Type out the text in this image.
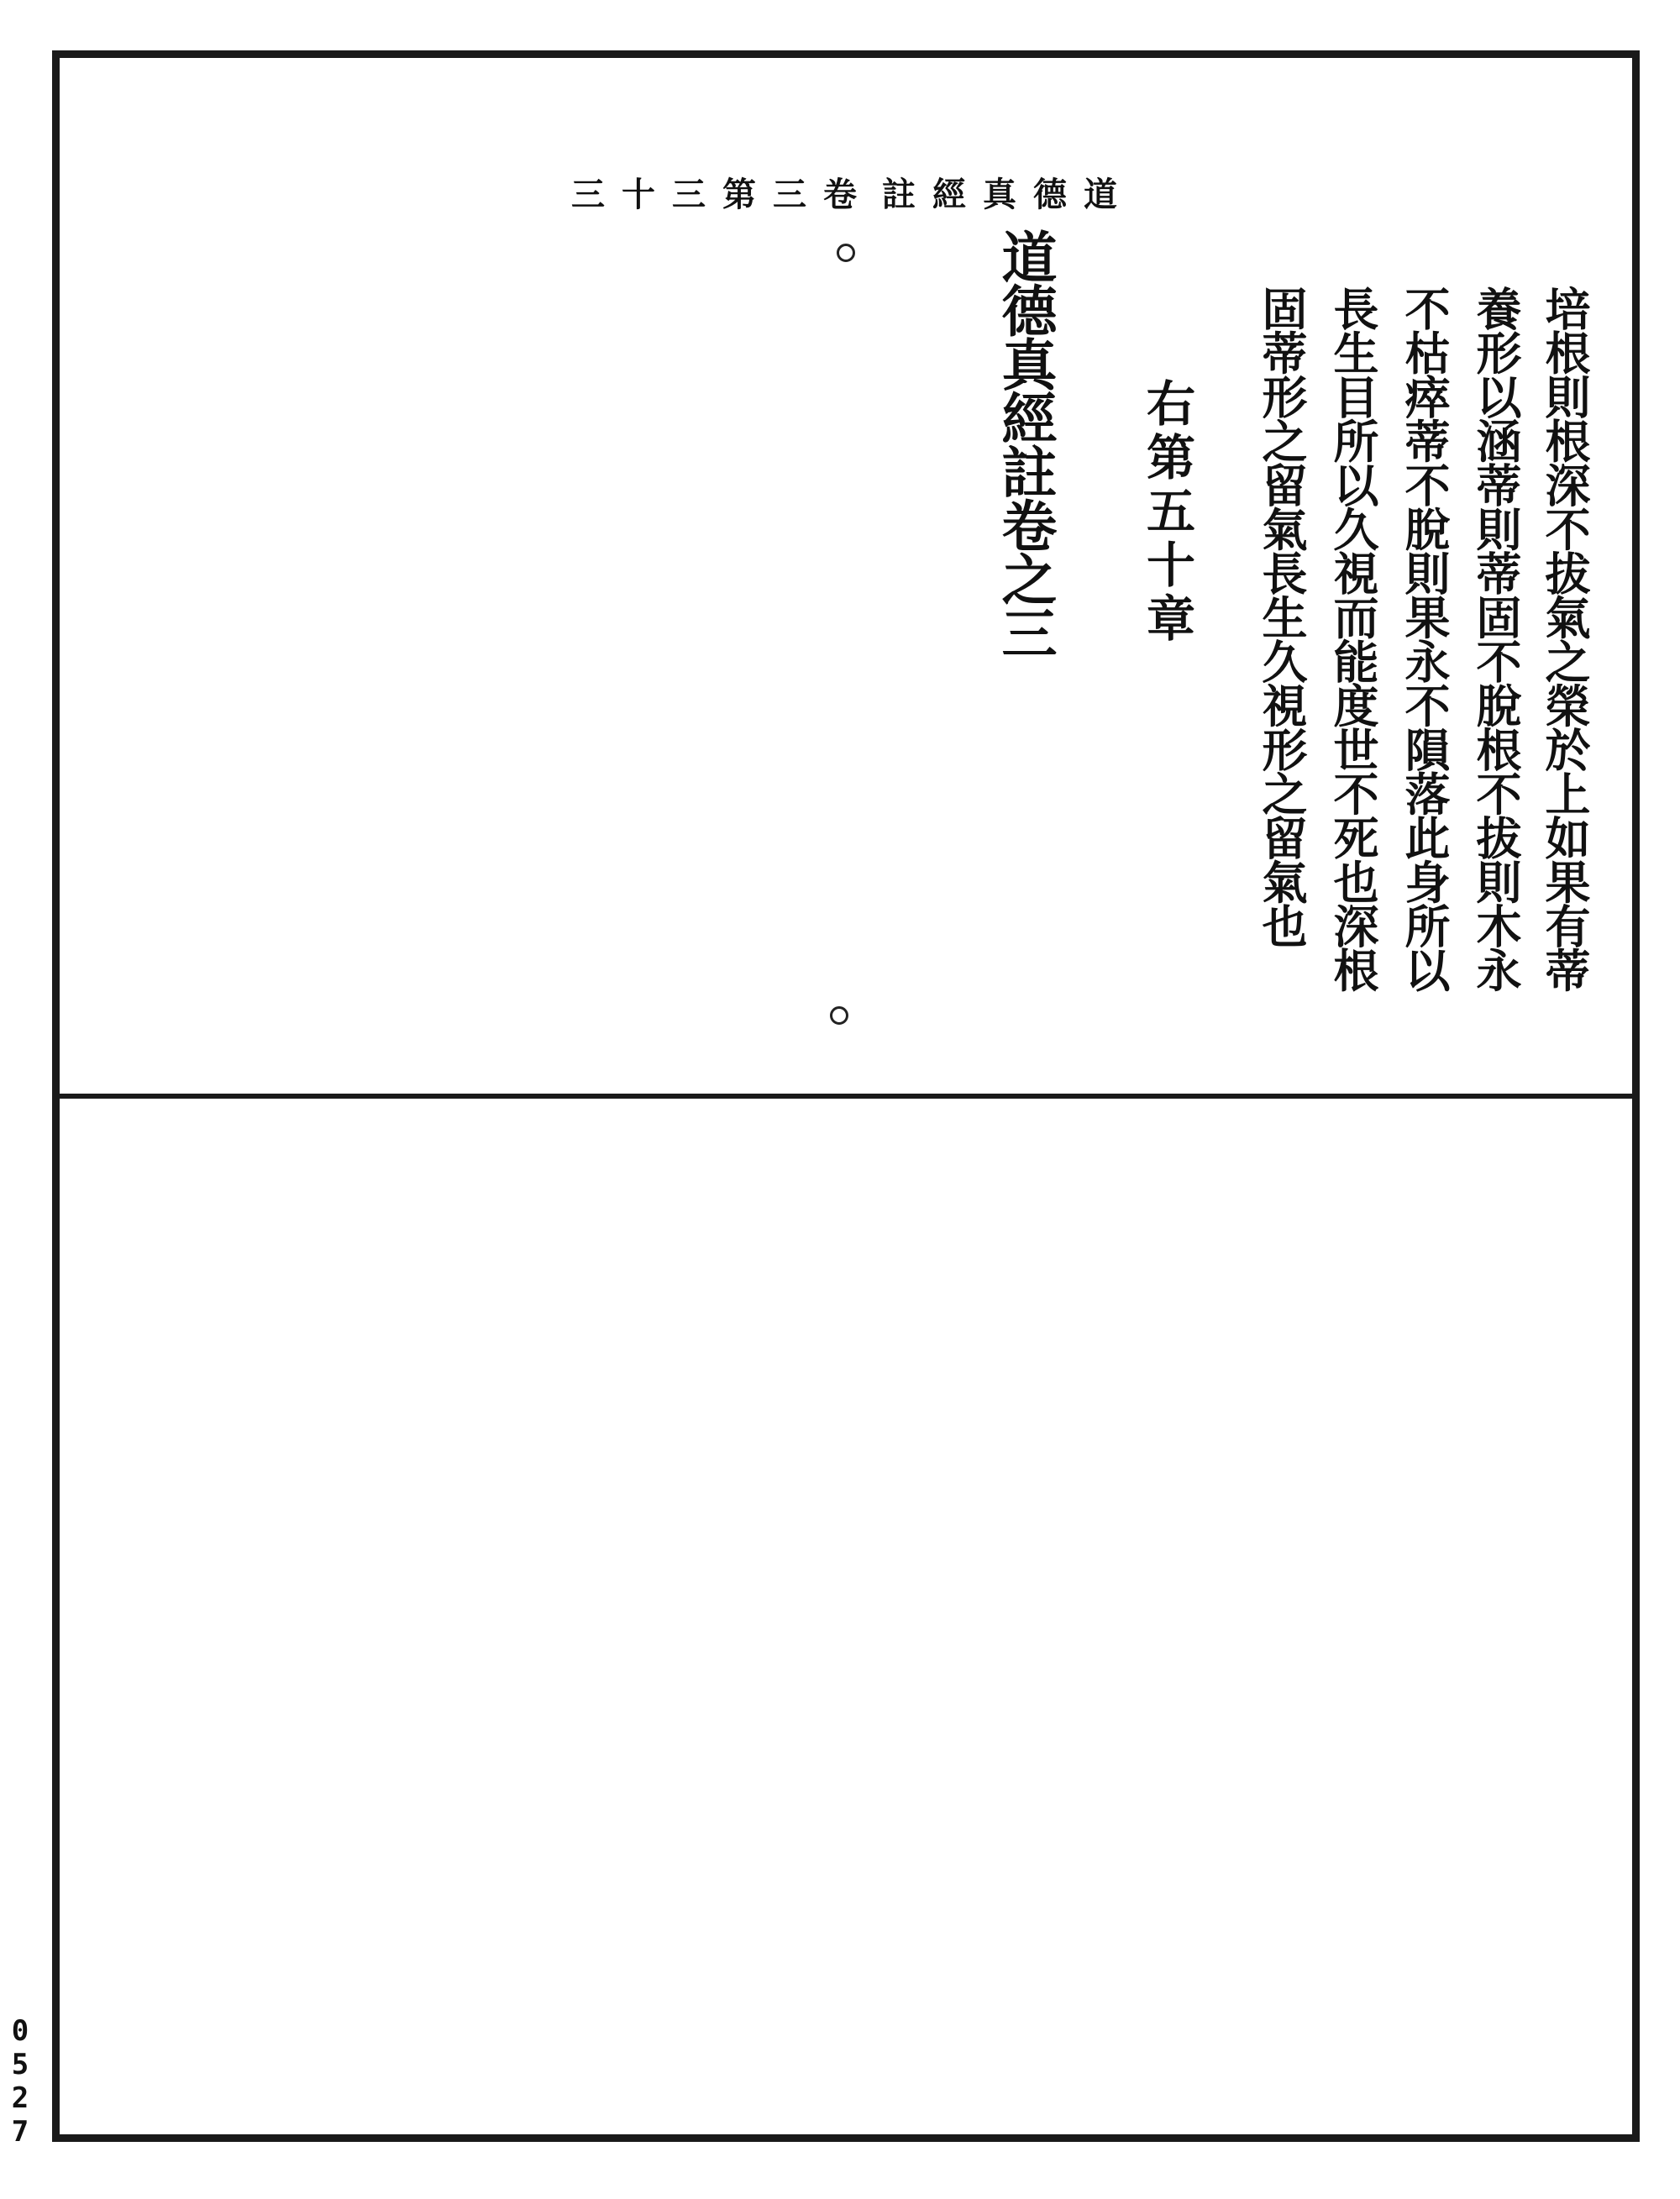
道德真經註
卷三第三十三
培根則根深不拔氣之榮於上如果有蒂
養形以涵蒂則蒂固不脫根不拔則木永
不枯瘁蒂不脫則果永不隕落此身所以
長生目所以久視而能度世不死也深根
固蒂形之留氣長生久視形之留氣也
右第五十章
道德真經註卷之三
0527
